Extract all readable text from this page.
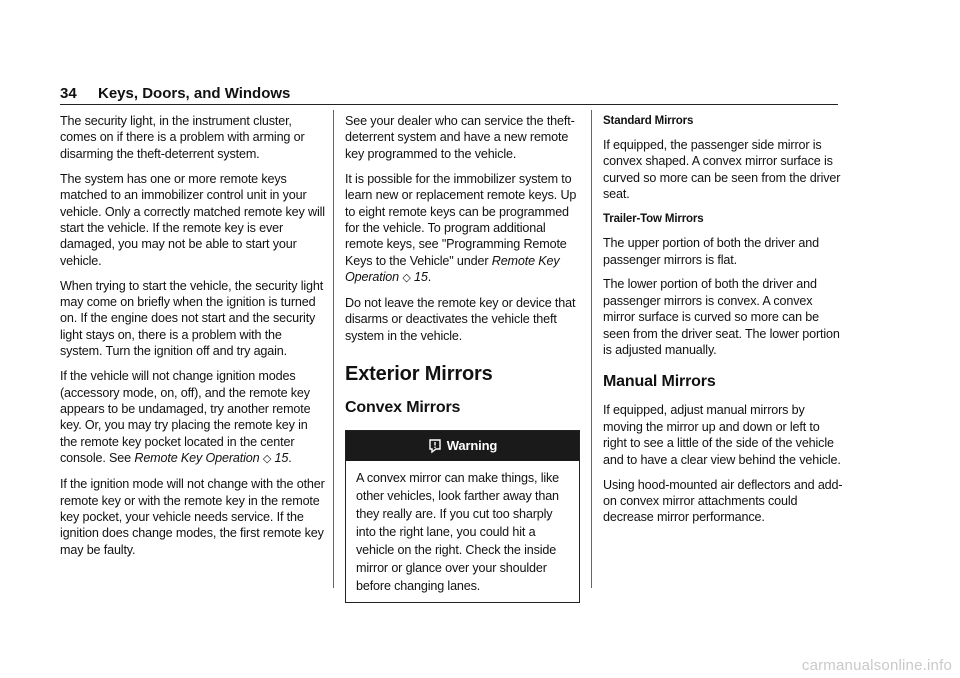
34	Keys, Doors, and Windows

The security light, in the instrument cluster, comes on if there is a problem with arming or disarming the theft-deterrent system.

The system has one or more remote keys matched to an immobilizer control unit in your vehicle. Only a correctly matched remote key will start the vehicle. If the remote key is ever damaged, you may not be able to start your vehicle.

When trying to start the vehicle, the security light may come on briefly when the ignition is turned on. If the engine does not start and the security light stays on, there is a problem with the system. Turn the ignition off and try again.

If the vehicle will not change ignition modes (accessory mode, on, off), and the remote key appears to be undamaged, try another remote key. Or, you may try placing the remote key in the remote key pocket located in the center console. See Remote Key Operation ◇ 15.

If the ignition mode will not change with the other remote key or with the remote key in the remote key pocket, your vehicle needs service. If the ignition does change modes, the first remote key may be faulty.

See your dealer who can service the theft-deterrent system and have a new remote key programmed to the vehicle.

It is possible for the immobilizer system to learn new or replacement remote keys. Up to eight remote keys can be programmed for the vehicle. To program additional remote keys, see "Programming Remote Keys to the Vehicle" under Remote Key Operation ◇ 15.

Do not leave the remote key or device that disarms or deactivates the vehicle theft system in the vehicle.

Exterior Mirrors
Convex Mirrors
Warning
A convex mirror can make things, like other vehicles, look farther away than they really are. If you cut too sharply into the right lane, you could hit a vehicle on the right. Check the inside mirror or glance over your shoulder before changing lanes.
Standard Mirrors

If equipped, the passenger side mirror is convex shaped. A convex mirror surface is curved so more can be seen from the driver seat.

Trailer-Tow Mirrors

The upper portion of both the driver and passenger mirrors is flat.

The lower portion of both the driver and passenger mirrors is convex. A convex mirror surface is curved so more can be seen from the driver seat. The lower portion is adjusted manually.

Manual Mirrors

If equipped, adjust manual mirrors by moving the mirror up and down or left to right to see a little of the side of the vehicle and to have a clear view behind the vehicle.

Using hood-mounted air deflectors and add-on convex mirror attachments could decrease mirror performance.

carmanualsonline.info
